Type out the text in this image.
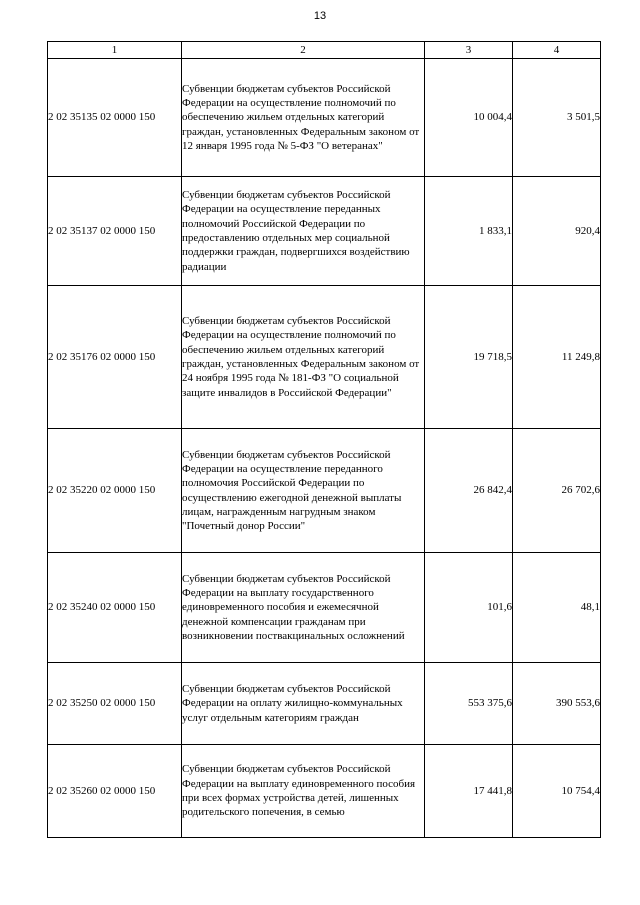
13
1	2	3	4
2 02 35135 02 0000 150	Субвенции бюджетам субъектов Российской Федерации на осуществление полномочий по обеспечению жильем отдельных категорий граждан, установленных Федеральным законом от 12 января 1995 года № 5-ФЗ "О ветеранах"	10 004,4	3 501,5
2 02 35137 02 0000 150	Субвенции бюджетам субъектов Российской Федерации на осуществление переданных полномочий Российской Федерации по предоставлению отдельных мер социальной поддержки граждан, подвергшихся воздействию радиации	1 833,1	920,4
2 02 35176 02 0000 150	Субвенции бюджетам субъектов Российской Федерации на осуществление полномочий по обеспечению жильем отдельных категорий граждан, установленных Федеральным законом от 24 ноября 1995 года № 181-ФЗ "О социальной защите инвалидов в Российской Федерации"	19 718,5	11 249,8
2 02 35220 02 0000 150	Субвенции бюджетам субъектов Российской Федерации на осуществление переданного полномочия Российской Федерации по осуществлению ежегодной денежной выплаты лицам, награжденным нагрудным знаком "Почетный донор России"	26 842,4	26 702,6
2 02 35240 02 0000 150	Субвенции бюджетам субъектов Российской Федерации на выплату государственного единовременного пособия и ежемесячной денежной компенсации гражданам при возникновении поствакцинальных осложнений	101,6	48,1
2 02 35250 02 0000 150	Субвенции бюджетам субъектов Российской Федерации на оплату жилищно-коммунальных услуг отдельным категориям граждан	553 375,6	390 553,6
2 02 35260 02 0000 150	Субвенции бюджетам субъектов Российской Федерации на выплату единовременного пособия при всех формах устройства детей, лишенных родительского попечения, в семью	17 441,8	10 754,4
